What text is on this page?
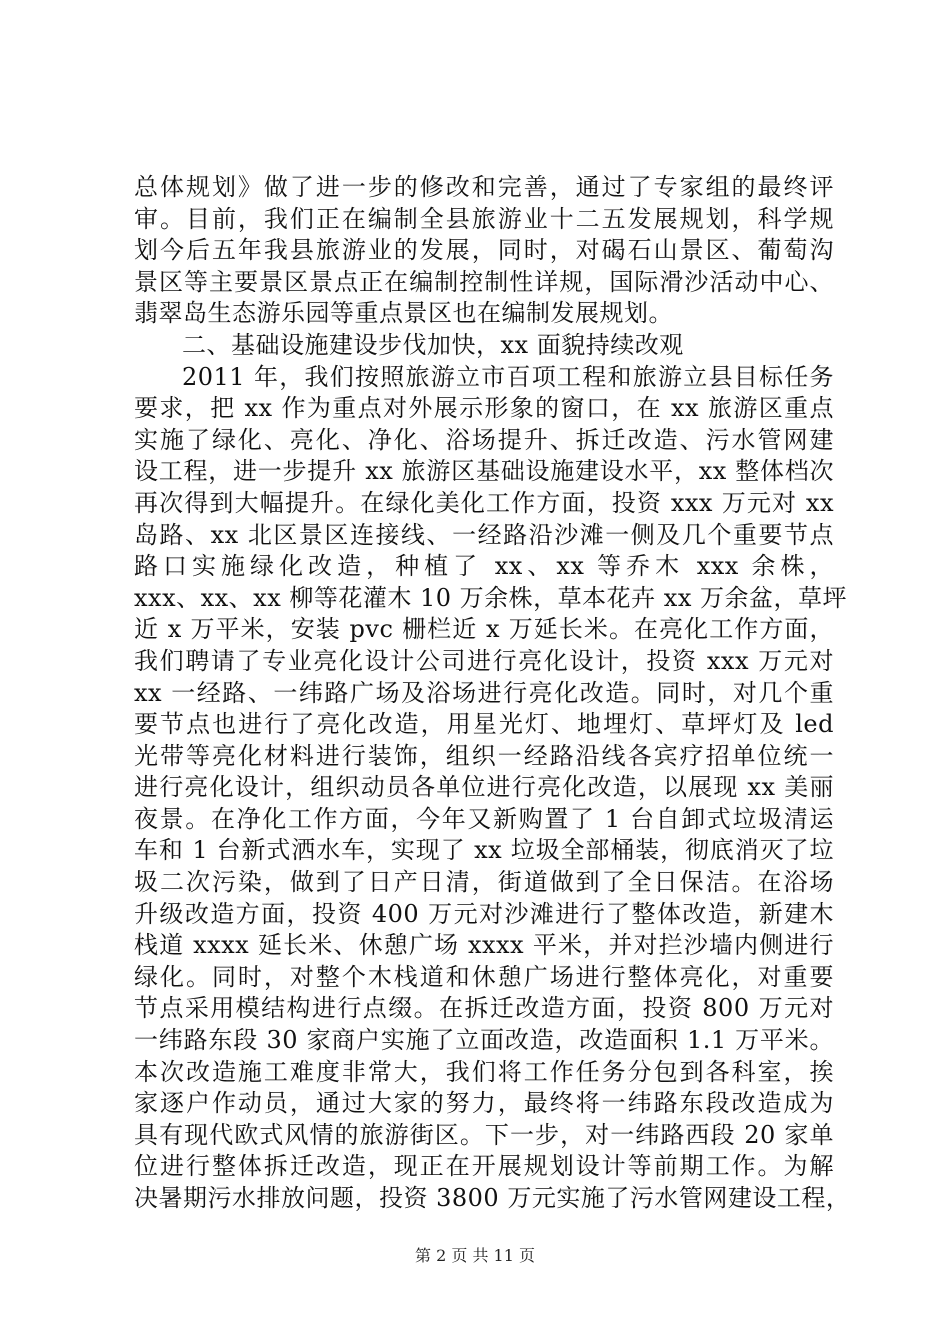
总体规划》做了进一步的修改和完善，通过了专家组的最终评
审。目前，我们正在编制全县旅游业十二五发展规划，科学规
划今后五年我县旅游业的发展，同时，对碣石山景区、葡萄沟
景区等主要景区景点正在编制控制性详规，国际滑沙活动中心、
翡翠岛生态游乐园等重点景区也在编制发展规划。
二、基础设施建设步伐加快，xx 面貌持续改观
2011 年，我们按照旅游立市百项工程和旅游立县目标任务
要求，把 xx 作为重点对外展示形象的窗口，在 xx 旅游区重点
实施了绿化、亮化、净化、浴场提升、拆迁改造、污水管网建
设工程，进一步提升 xx 旅游区基础设施建设水平，xx 整体档次
再次得到大幅提升。在绿化美化工作方面，投资 xxx 万元对 xx
岛路、xx 北区景区连接线、一经路沿沙滩一侧及几个重要节点
路口实施绿化改造，种植了 xx、xx 等乔木 xxx 余株，
xxx、xx、xx 柳等花灌木 10 万余株，草本花卉 xx 万余盆，草坪
近 x 万平米，安装 pvc 栅栏近 x 万延长米。在亮化工作方面，
我们聘请了专业亮化设计公司进行亮化设计，投资 xxx 万元对
xx 一经路、一纬路广场及浴场进行亮化改造。同时，对几个重
要节点也进行了亮化改造，用星光灯、地埋灯、草坪灯及 led
光带等亮化材料进行装饰，组织一经路沿线各宾疗招单位统一
进行亮化设计，组织动员各单位进行亮化改造，以展现 xx 美丽
夜景。在净化工作方面，今年又新购置了 1 台自卸式垃圾清运
车和 1 台新式洒水车，实现了 xx 垃圾全部桶装，彻底消灭了垃
圾二次污染，做到了日产日清，街道做到了全日保洁。在浴场
升级改造方面，投资 400 万元对沙滩进行了整体改造，新建木
栈道 xxxx 延长米、休憩广场 xxxx 平米，并对拦沙墙内侧进行
绿化。同时，对整个木栈道和休憩广场进行整体亮化，对重要
节点采用模结构进行点缀。在拆迁改造方面，投资 800 万元对
一纬路东段 30 家商户实施了立面改造，改造面积 1.1 万平米。
本次改造施工难度非常大，我们将工作任务分包到各科室，挨
家逐户作动员，通过大家的努力，最终将一纬路东段改造成为
具有现代欧式风情的旅游街区。下一步，对一纬路西段 20 家单
位进行整体拆迁改造，现正在开展规划设计等前期工作。为解
决暑期污水排放问题，投资 3800 万元实施了污水管网建设工程，
第 2 页 共 11 页
